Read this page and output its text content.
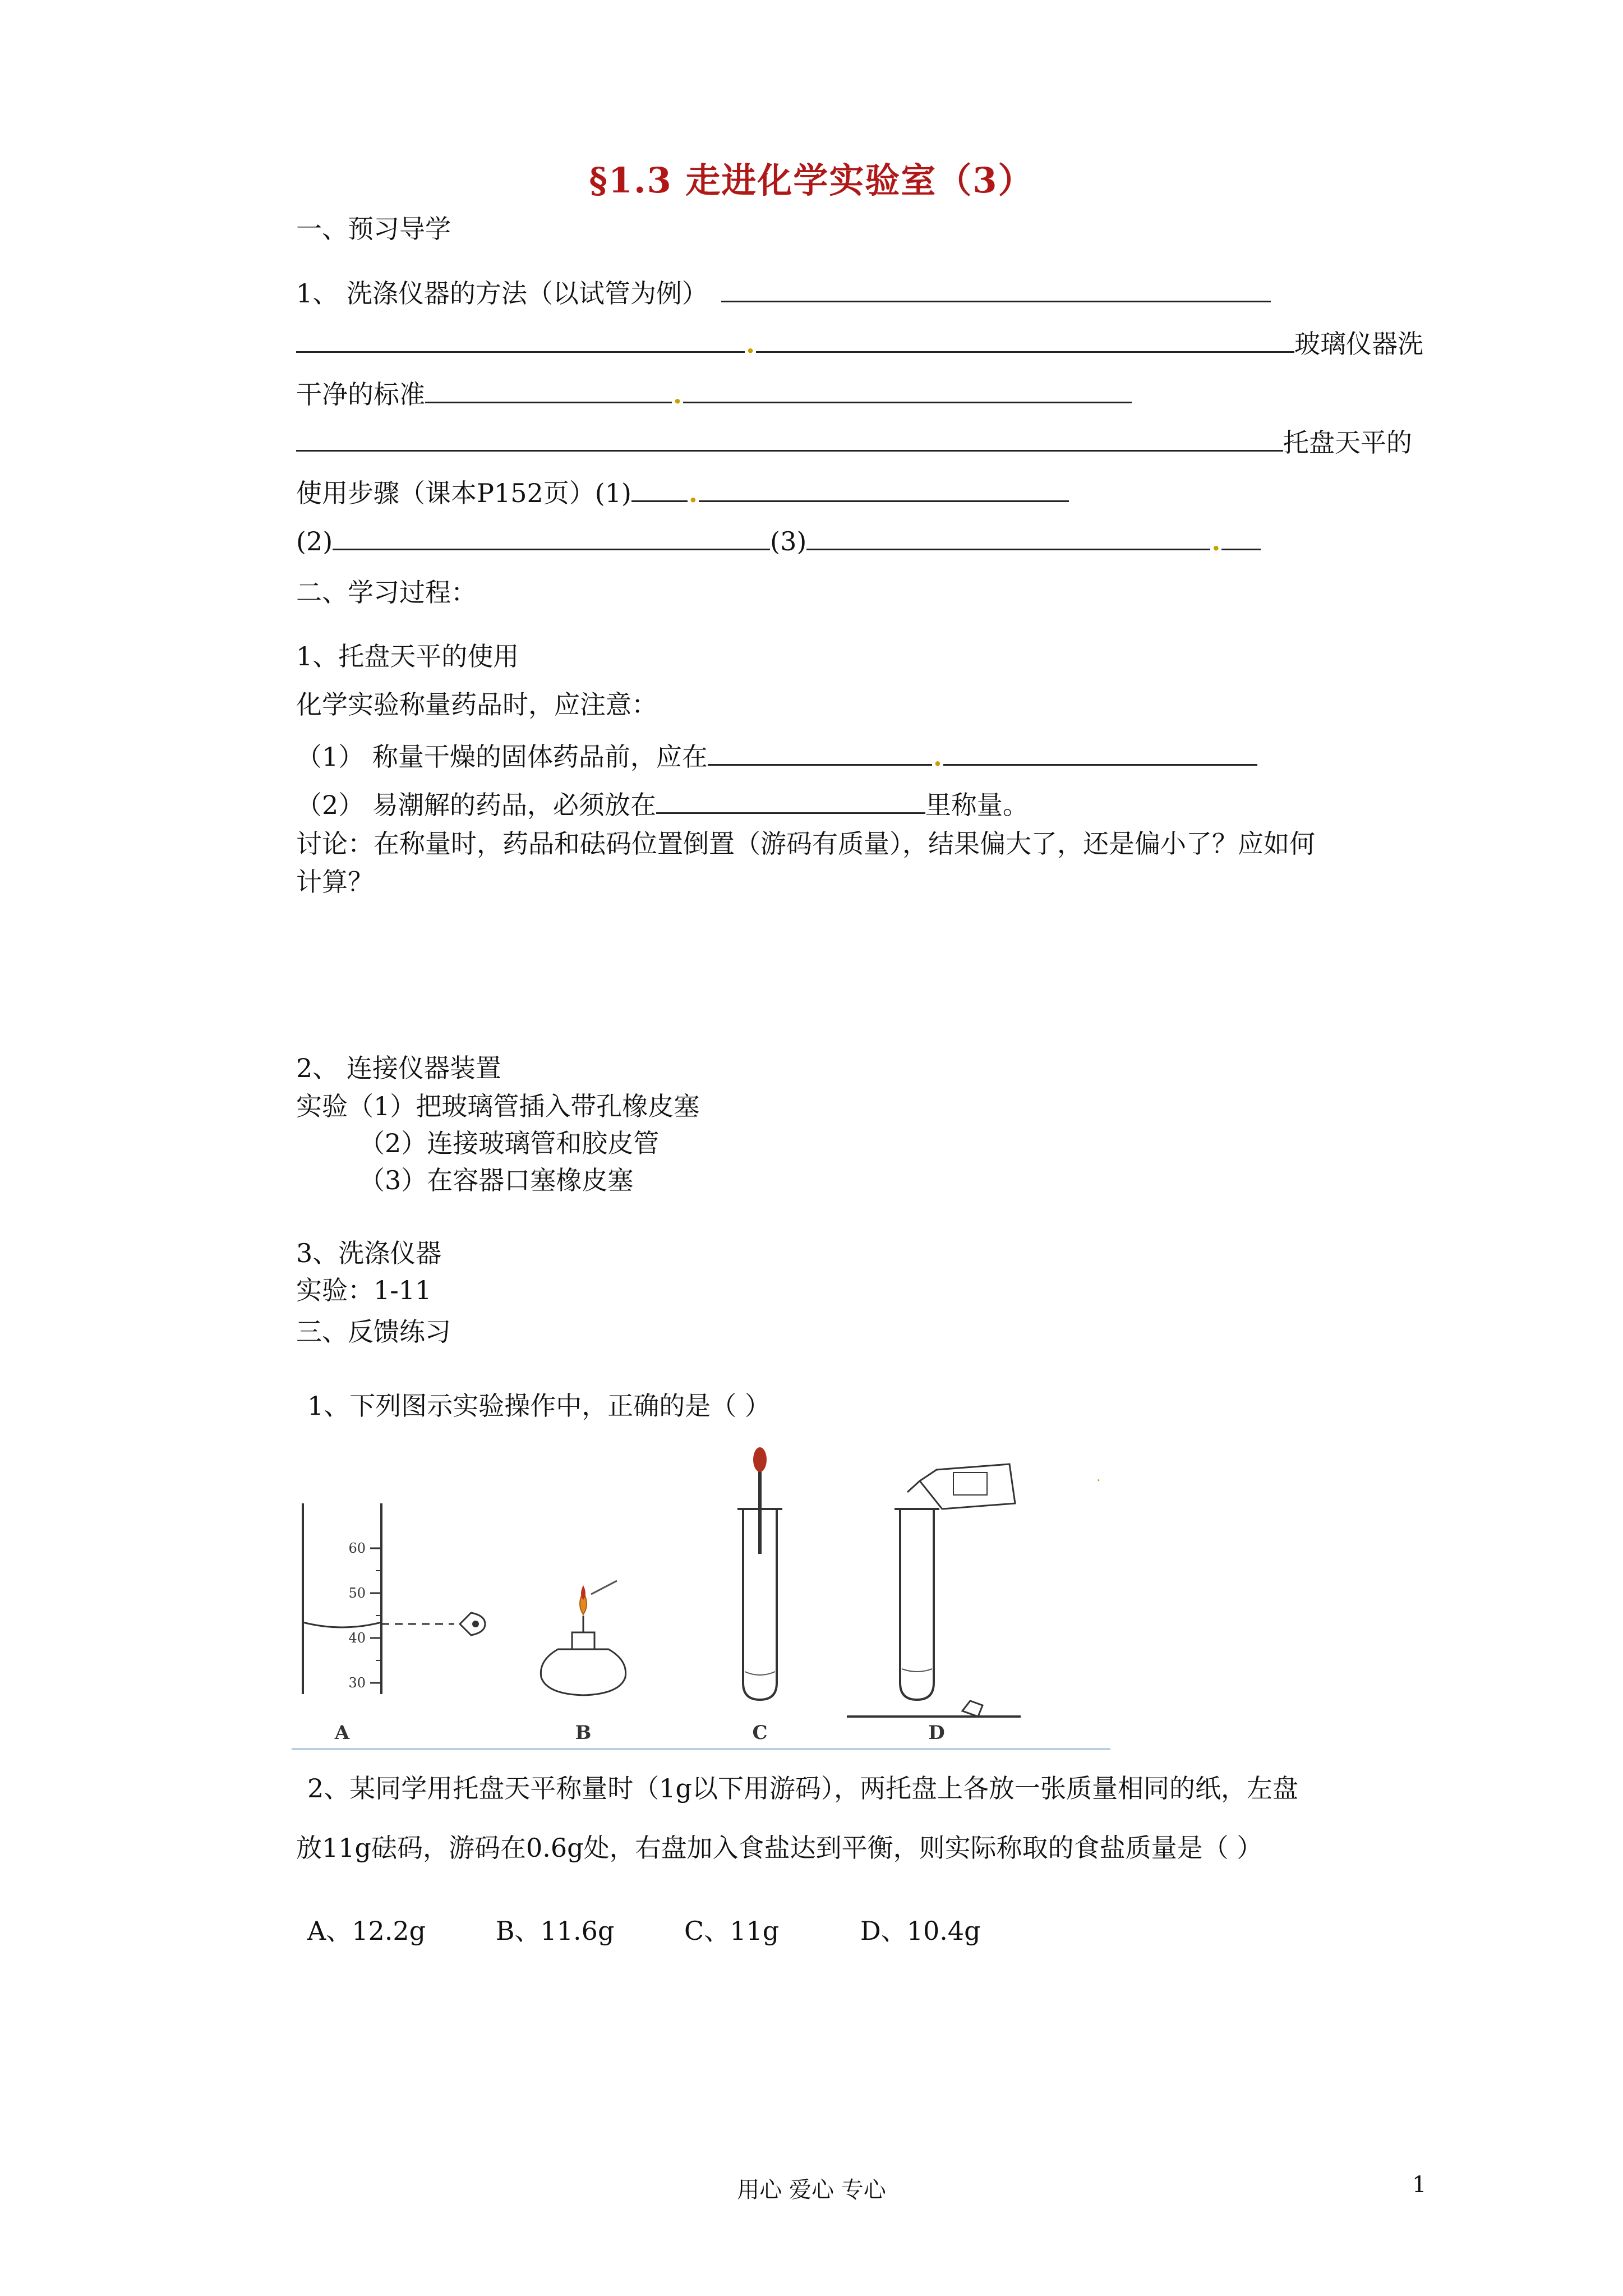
§1.3 走进化学实验室（3）
一、预习导学
1、 洗涤仪器的方法（以试管为例）
.	玻璃仪器洗
干净的标准	.
托盘天平的
使用步骤（课本P152页）(1) .
(2)	(3)	.
二、学习过程：
1、托盘天平的使用
化学实验称量药品时，应注意：
（1） 称量干燥的固体药品前，应在	.
（2） 易潮解的药品，必须放在	里称量。
讨论：在称量时，药品和砝码位置倒置（游码有质量），结果偏大了，还是偏小了？应如何
计算？
2、 连接仪器装置
实验（1）把玻璃管插入带孔橡皮塞
（2）连接玻璃管和胶皮管
（3）在容器口塞橡皮塞
3、洗涤仪器
实验：1-11
三、反馈练习
1、下列图示实验操作中，正确的是（ ）
60
50
40
30
.
A	B	C	D
2、某同学用托盘天平称量时（1g以下用游码），两托盘上各放一张质量相同的纸，左盘
放11g砝码，游码在0.6g处，右盘加入食盐达到平衡，则实际称取的食盐质量是（ ）
A、12.2g	B、11.6g	C、11g	D、10.4g
用心 爱心 专心	1
